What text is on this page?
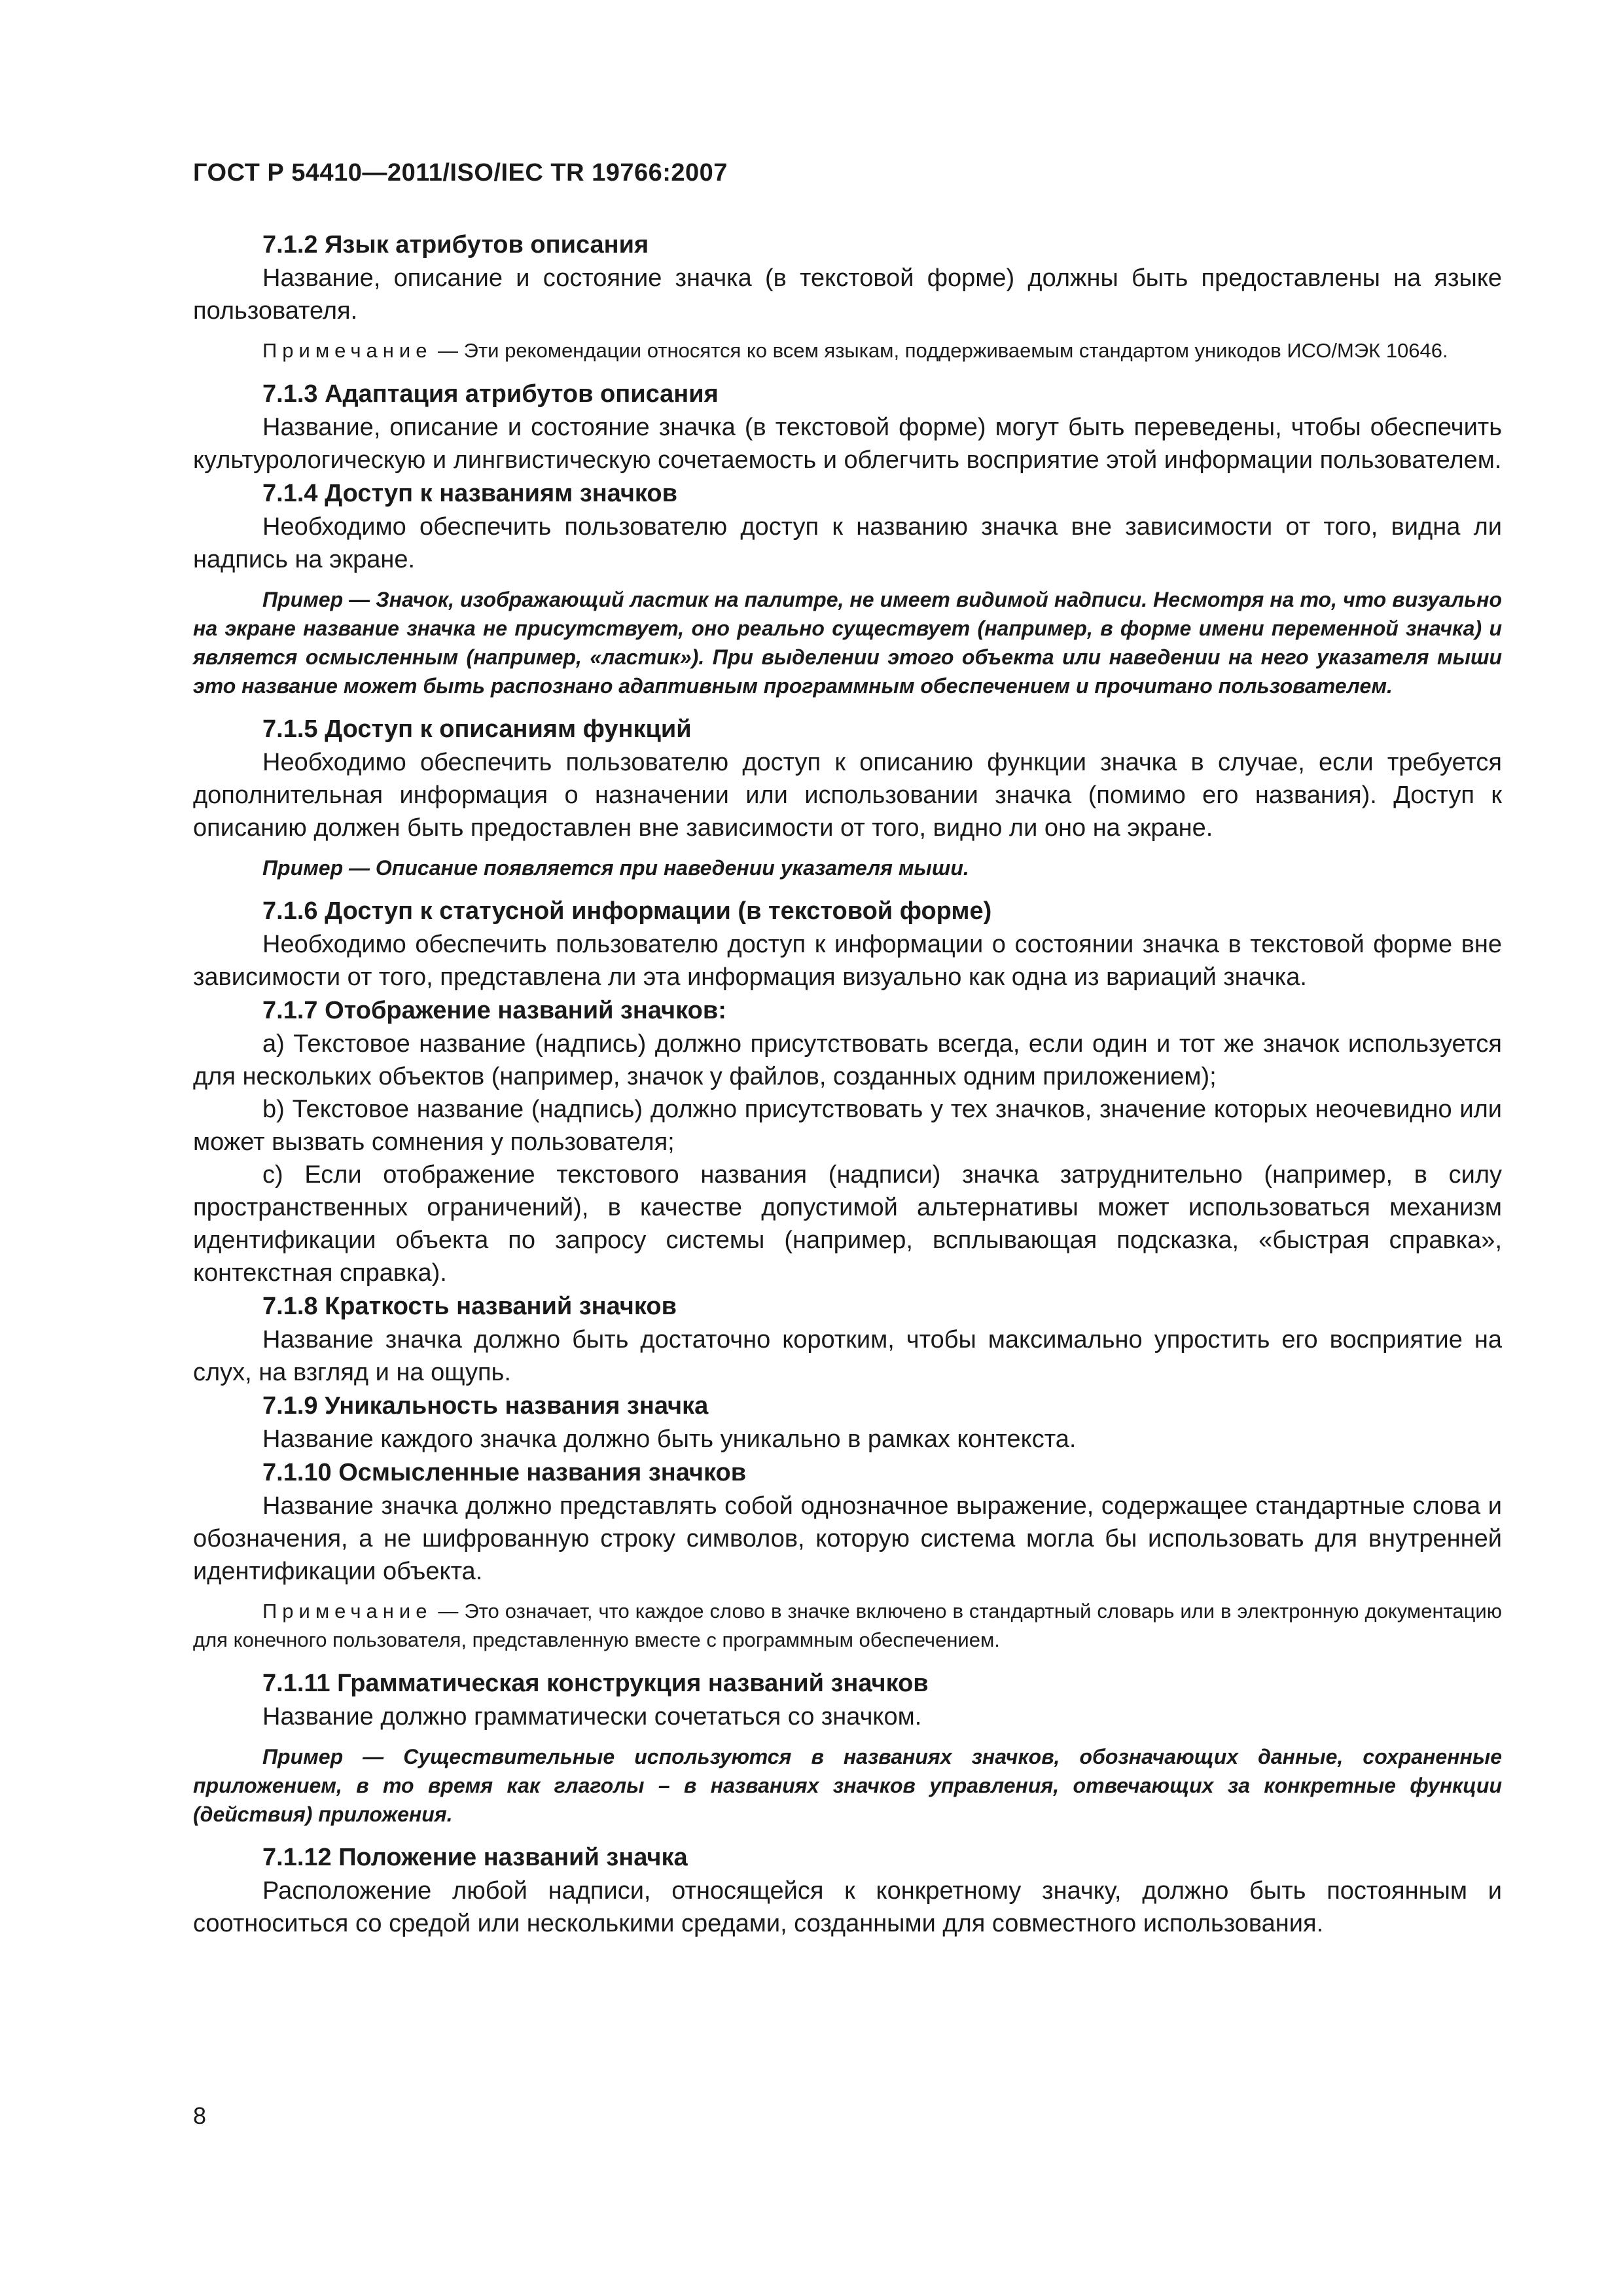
ГОСТ Р 54410—2011/ISO/IEC TR 19766:2007

7.1.2 Язык атрибутов описания

Название, описание и состояние значка (в текстовой форме) должны быть предоставлены на языке пользователя.

Примечание — Эти рекомендации относятся ко всем языкам, поддерживаемым стандартом уникодов ИСО/МЭК 10646.

7.1.3 Адаптация атрибутов описания

Название, описание и состояние значка (в текстовой форме) могут быть переведены, чтобы обеспечить культурологическую и лингвистическую сочетаемость и облегчить восприятие этой информации пользователем.

7.1.4 Доступ к названиям значков

Необходимо обеспечить пользователю доступ к названию значка вне зависимости от того, видна ли надпись на экране.

Пример — Значок, изображающий ластик на палитре, не имеет видимой надписи. Несмотря на то, что визуально на экране название значка не присутствует, оно реально существует (например, в форме имени переменной значка) и является осмысленным (например, «ластик»). При выделении этого объекта или наведении на него указателя мыши это название может быть распознано адаптивным программным обеспечением и прочитано пользователем.

7.1.5 Доступ к описаниям функций

Необходимо обеспечить пользователю доступ к описанию функции значка в случае, если требуется дополнительная информация о назначении или использовании значка (помимо его названия). Доступ к описанию должен быть предоставлен вне зависимости от того, видно ли оно на экране.

Пример — Описание появляется при наведении указателя мыши.

7.1.6 Доступ к статусной информации (в текстовой форме)

Необходимо обеспечить пользователю доступ к информации о состоянии значка в текстовой форме вне зависимости от того, представлена ли эта информация визуально как одна из вариаций значка.

7.1.7 Отображение названий значков:

a) Текстовое название (надпись) должно присутствовать всегда, если один и тот же значок используется для нескольких объектов (например, значок у файлов, созданных одним приложением);

b) Текстовое название (надпись) должно присутствовать у тех значков, значение которых неочевидно или может вызвать сомнения у пользователя;

c) Если отображение текстового названия (надписи) значка затруднительно (например, в силу пространственных ограничений), в качестве допустимой альтернативы может использоваться механизм идентификации объекта по запросу системы (например, всплывающая подсказка, «быстрая справка», контекстная справка).

7.1.8 Краткость названий значков

Название значка должно быть достаточно коротким, чтобы максимально упростить его восприятие на слух, на взгляд и на ощупь.

7.1.9 Уникальность названия значка

Название каждого значка должно быть уникально в рамках контекста.

7.1.10 Осмысленные названия значков

Название значка должно представлять собой однозначное выражение, содержащее стандартные слова и обозначения, а не шифрованную строку символов, которую система могла бы использовать для внутренней идентификации объекта.

Примечание — Это означает, что каждое слово в значке включено в стандартный словарь или в электронную документацию для конечного пользователя, представленную вместе с программным обеспечением.

7.1.11 Грамматическая конструкция названий значков

Название должно грамматически сочетаться со значком.

Пример — Существительные используются в названиях значков, обозначающих данные, сохраненные приложением, в то время как глаголы – в названиях значков управления, отвечающих за конкретные функции (действия) приложения.

7.1.12 Положение названий значка

Расположение любой надписи, относящейся к конкретному значку, должно быть постоянным и соотноситься со средой или несколькими средами, созданными для совместного использования.

8
